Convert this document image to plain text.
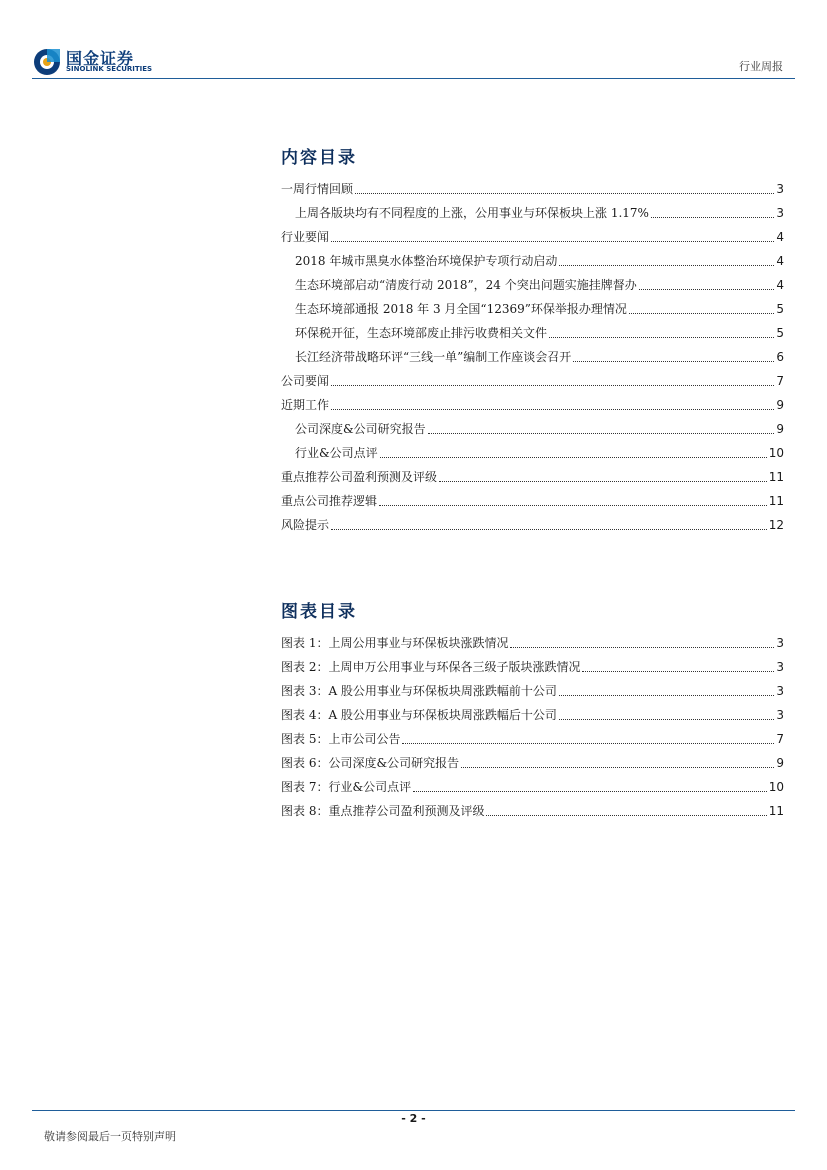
国金证券
SINOLINK SECURITIES	行业周报
内容目录
一周行情回顾	3
上周各版块均有不同程度的上涨，公用事业与环保板块上涨 1.17%	3
行业要闻	4
2018 年城市黑臭水体整治环境保护专项行动启动	4
生态环境部启动“清废行动 2018”，24 个突出问题实施挂牌督办	4
生态环境部通报 2018 年 3 月全国“12369”环保举报办理情况	5
环保税开征，生态环境部废止排污收费相关文件	5
长江经济带战略环评“三线一单”编制工作座谈会召开	6
公司要闻	7
近期工作	9
公司深度&公司研究报告	9
行业&公司点评	10
重点推荐公司盈利预测及评级	11
重点公司推荐逻辑	11
风险提示	12
图表目录
图表 1：上周公用事业与环保板块涨跌情况	3
图表 2：上周申万公用事业与环保各三级子版块涨跌情况	3
图表 3：A 股公用事业与环保板块周涨跌幅前十公司	3
图表 4：A 股公用事业与环保板块周涨跌幅后十公司	3
图表 5：上市公司公告	7
图表 6：公司深度&公司研究报告	9
图表 7：行业&公司点评	10
图表 8：重点推荐公司盈利预测及评级	11
- 2 -
敬请参阅最后一页特别声明
